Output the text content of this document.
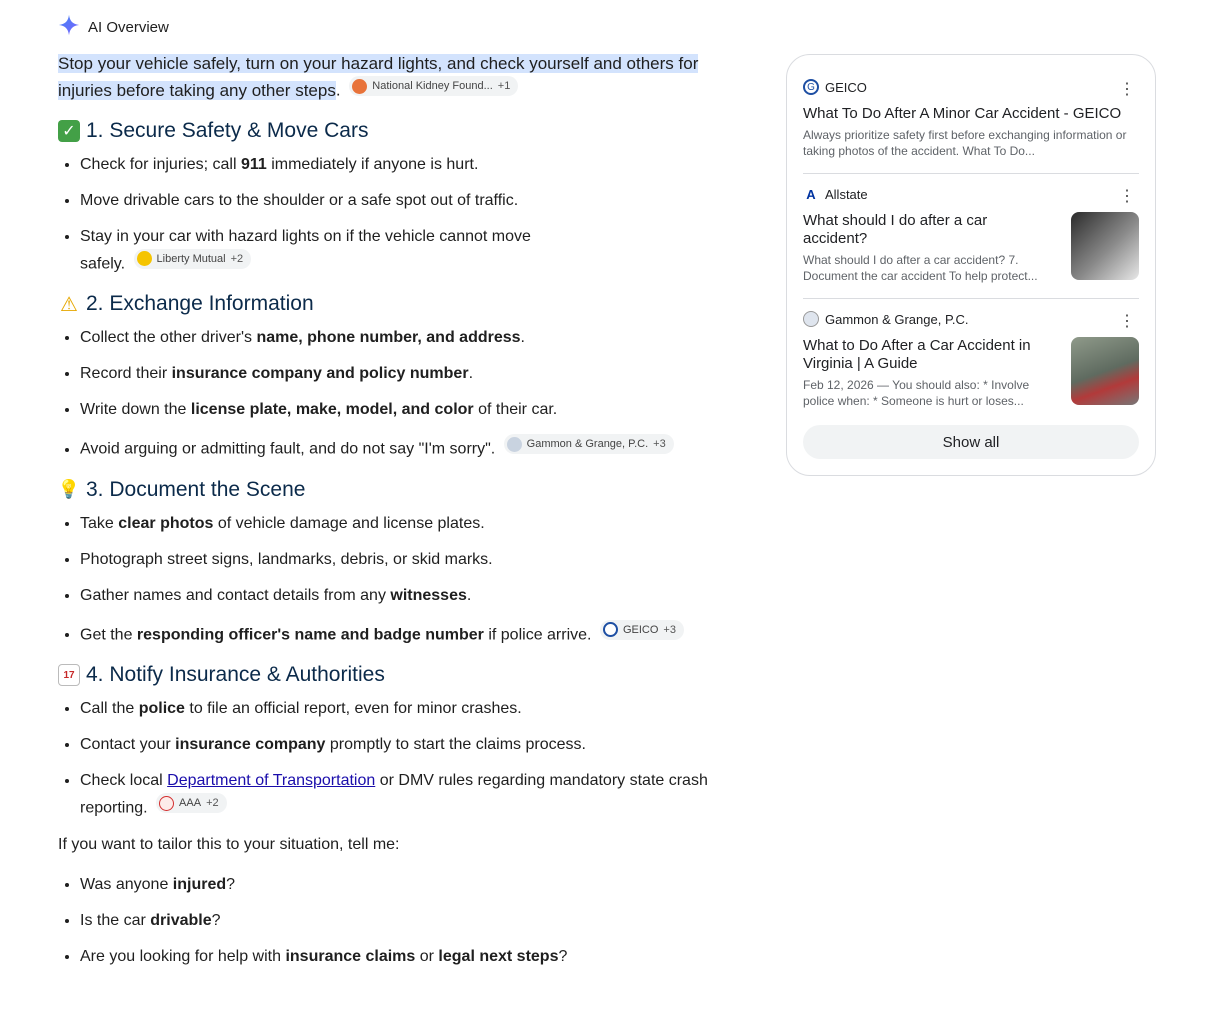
AI Overview

Stop your vehicle safely, turn on your hazard lights, and check yourself and others for injuries before taking any other steps.	National Kidney Found... +1

✓ 1. Secure Safety & Move Cars
• Check for injuries; call 911 immediately if anyone is hurt.
• Move drivable cars to the shoulder or a safe spot out of traffic.
• Stay in your car with hazard lights on if the vehicle cannot move safely.	Liberty Mutual +2
⚠ 2. Exchange Information
• Collect the other driver's name, phone number, and address.
• Record their insurance company and policy number.
• Write down the license plate, make, model, and color of their car.
• Avoid arguing or admitting fault, and do not say "I'm sorry".	Gammon & Grange, P.C. +3
💡 3. Document the Scene
• Take clear photos of vehicle damage and license plates.
• Photograph street signs, landmarks, debris, or skid marks.
• Gather names and contact details from any witnesses.
• Get the responding officer's name and badge number if police arrive.	GEICO +3
17 4. Notify Insurance & Authorities
• Call the police to file an official report, even for minor crashes.
• Contact your insurance company promptly to start the claims process.
• Check local Department of Transportation or DMV rules regarding mandatory state crash reporting.	AAA +2

If you want to tailor this to your situation, tell me:

• Was anyone injured?
• Is the car drivable?
• Are you looking for help with insurance claims or legal next steps?
G GEICO	⋮
What To Do After A Minor Car Accident - GEICO
Always prioritize safety first before exchanging information or taking photos of the accident. What To Do...
A Allstate	⋮
What should I do after a car accident?
What should I do after a car accident? 7. Document the car accident To help protect...
Gammon & Grange, P.C.	⋮
What to Do After a Car Accident in Virginia | A Guide
Feb 12, 2026 — You should also: * Involve police when: * Someone is hurt or loses...
Show all
